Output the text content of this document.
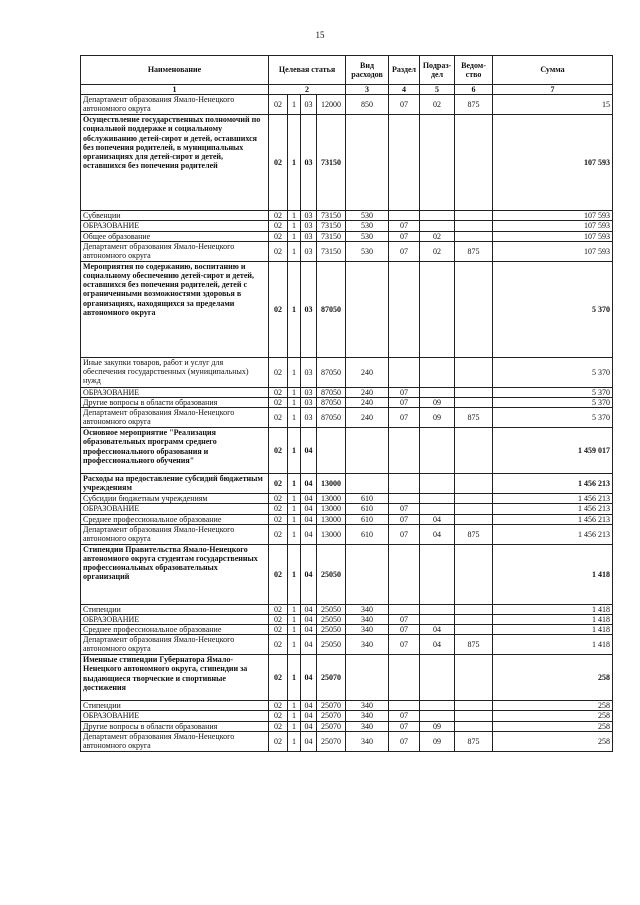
15
Наименование	Целевая статья				Вид расходов	Раздел	Подраз-дел	Ведом-ство	Сумма
1	2				3	4	5	6	7
Департамент образования Ямало-Ненецкого автономного округа	02	1	03	12000	850	07	02	875	15
Осуществление государственных полномочий по социальной поддержке и социальному обслуживанию детей-сирот и детей, оставшихся без попечения родителей, в муниципальных организациях для детей-сирот и детей, оставшихся без попечения родителей	02	1	03	73150					107 593
Субвенции	02	1	03	73150	530				107 593
ОБРАЗОВАНИЕ	02	1	03	73150	530	07			107 593
Общее образование	02	1	03	73150	530	07	02		107 593
Департамент образования Ямало-Ненецкого автономного округа	02	1	03	73150	530	07	02	875	107 593
Мероприятия по содержанию, воспитанию и социальному обеспечению детей-сирот и детей, оставшихся без попечения родителей, детей с ограниченными возможностями здоровья в организациях, находящихся за пределами автономного округа	02	1	03	87050					5 370
Иные закупки товаров, работ и услуг для обеспечения государственных (муниципальных) нужд	02	1	03	87050	240				5 370
ОБРАЗОВАНИЕ	02	1	03	87050	240	07			5 370
Другие вопросы в области образования	02	1	03	87050	240	07	09		5 370
Департамент образования Ямало-Ненецкого автономного округа	02	1	03	87050	240	07	09	875	5 370
Основное мероприятие "Реализация образовательных программ среднего профессионального образования и профессионального обучения"	02	1	04						1 459 017
Расходы на предоставление субсидий бюджетным учреждениям	02	1	04	13000					1 456 213
Субсидии бюджетным учреждениям	02	1	04	13000	610				1 456 213
ОБРАЗОВАНИЕ	02	1	04	13000	610	07			1 456 213
Среднее профессиональное образование	02	1	04	13000	610	07	04		1 456 213
Департамент образования Ямало-Ненецкого автономного округа	02	1	04	13000	610	07	04	875	1 456 213
Стипендии Правительства Ямало-Ненецкого автономного округа студентам государственных профессиональных образовательных организаций	02	1	04	25050					1 418
Стипендии	02	1	04	25050	340				1 418
ОБРАЗОВАНИЕ	02	1	04	25050	340	07			1 418
Среднее профессиональное образование	02	1	04	25050	340	07	04		1 418
Департамент образования Ямало-Ненецкого автономного округа	02	1	04	25050	340	07	04	875	1 418
Именные стипендии Губернатора Ямало-Ненецкого автономного округа, стипендии за выдающиеся творческие и спортивные достижения	02	1	04	25070					258
Стипендии	02	1	04	25070	340				258
ОБРАЗОВАНИЕ	02	1	04	25070	340	07			258
Другие вопросы в области образования	02	1	04	25070	340	07	09		258
Департамент образования Ямало-Ненецкого автономного округа	02	1	04	25070	340	07	09	875	258
